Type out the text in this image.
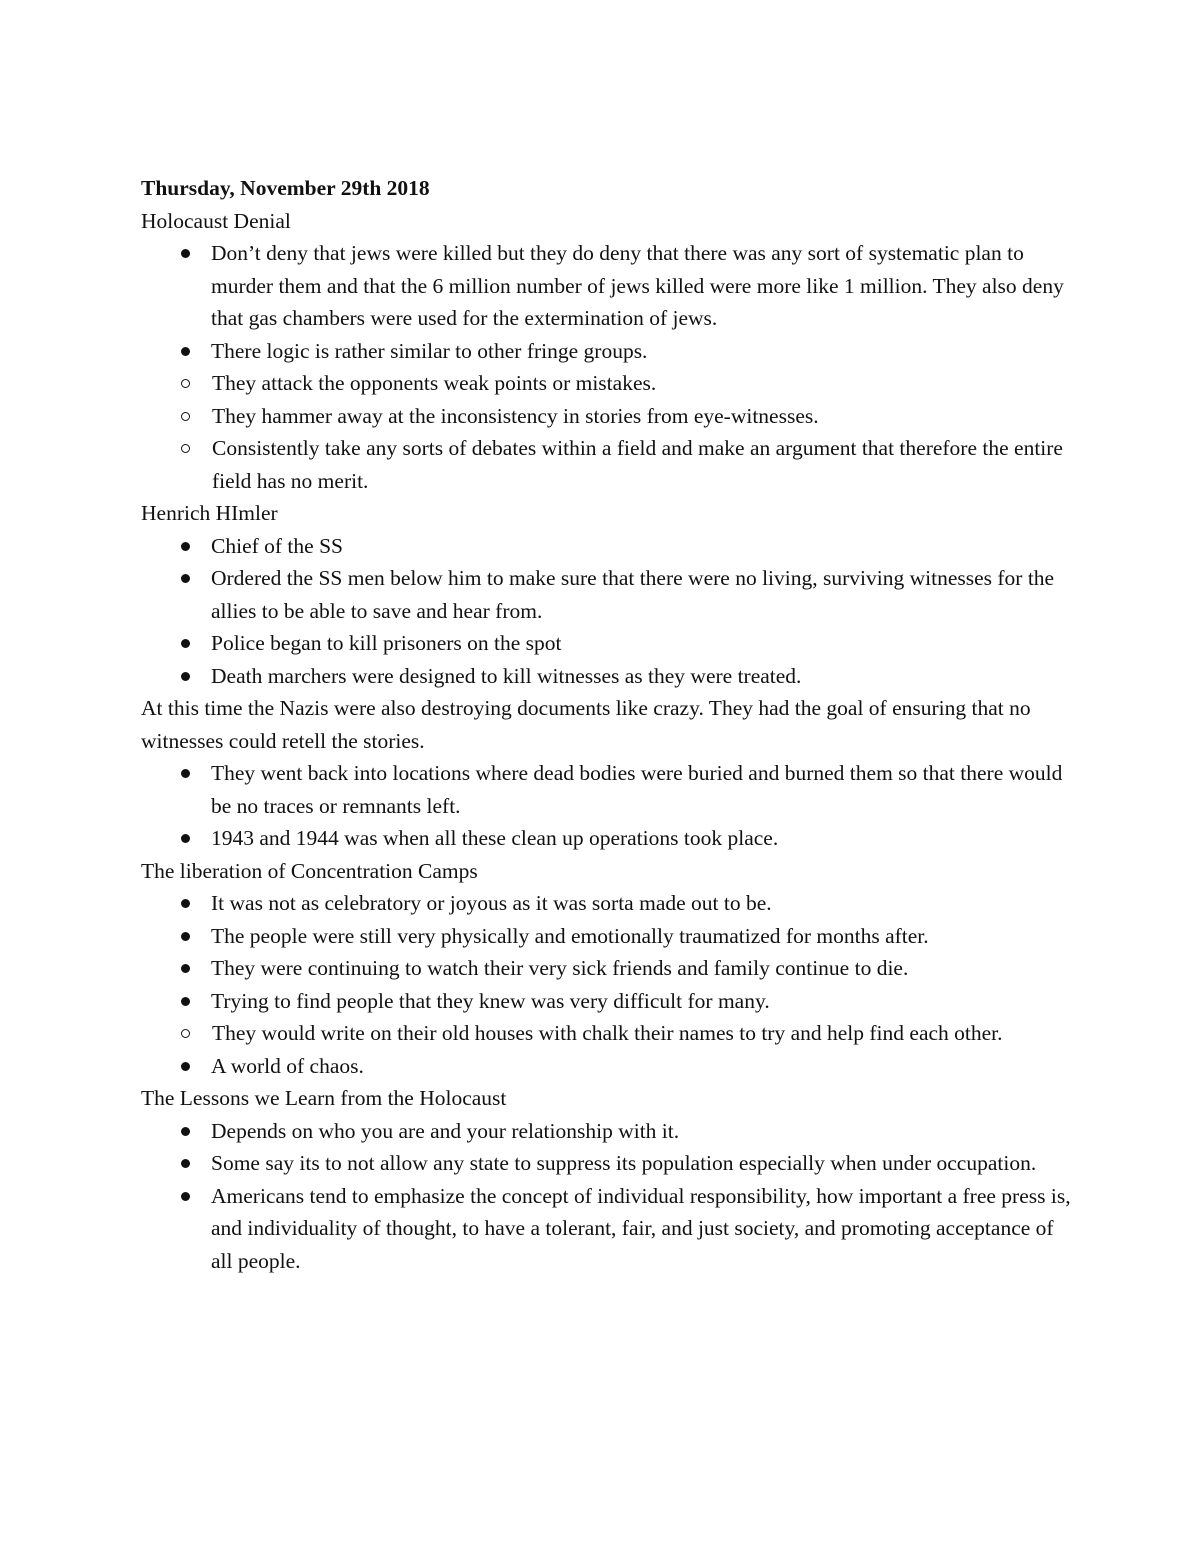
Thursday, November 29th 2018

Holocaust Denial

Don’t deny that jews were killed but they do deny that there was any sort of systematic plan to murder them and that the 6 million number of jews killed were more like 1 million. They also deny that gas chambers were used for the extermination of jews.
There logic is rather similar to other fringe groups.
They attack the opponents weak points or mistakes.
They hammer away at the inconsistency in stories from eye-witnesses.
Consistently take any sorts of debates within a field and make an argument that therefore the entire field has no merit.

Henrich HImler

Chief of the SS
Ordered the SS men below him to make sure that there were no living, surviving witnesses for the allies to be able to save and hear from.
Police began to kill prisoners on the spot
Death marchers were designed to kill witnesses as they were treated.

At this time the Nazis were also destroying documents like crazy. They had the goal of ensuring that no witnesses could retell the stories.

They went back into locations where dead bodies were buried and burned them so that there would be no traces or remnants left.
1943 and 1944 was when all these clean up operations took place.

The liberation of Concentration Camps

It was not as celebratory or joyous as it was sorta made out to be.
The people were still very physically and emotionally traumatized for months after.
They were continuing to watch their very sick friends and family continue to die.
Trying to find people that they knew was very difficult for many.
They would write on their old houses with chalk their names to try and help find each other.
A world of chaos.

The Lessons we Learn from the Holocaust

Depends on who you are and your relationship with it.
Some say its to not allow any state to suppress its population especially when under occupation.
Americans tend to emphasize the concept of individual responsibility, how important a free press is, and individuality of thought, to have a tolerant, fair, and just society, and promoting acceptance of all people.
